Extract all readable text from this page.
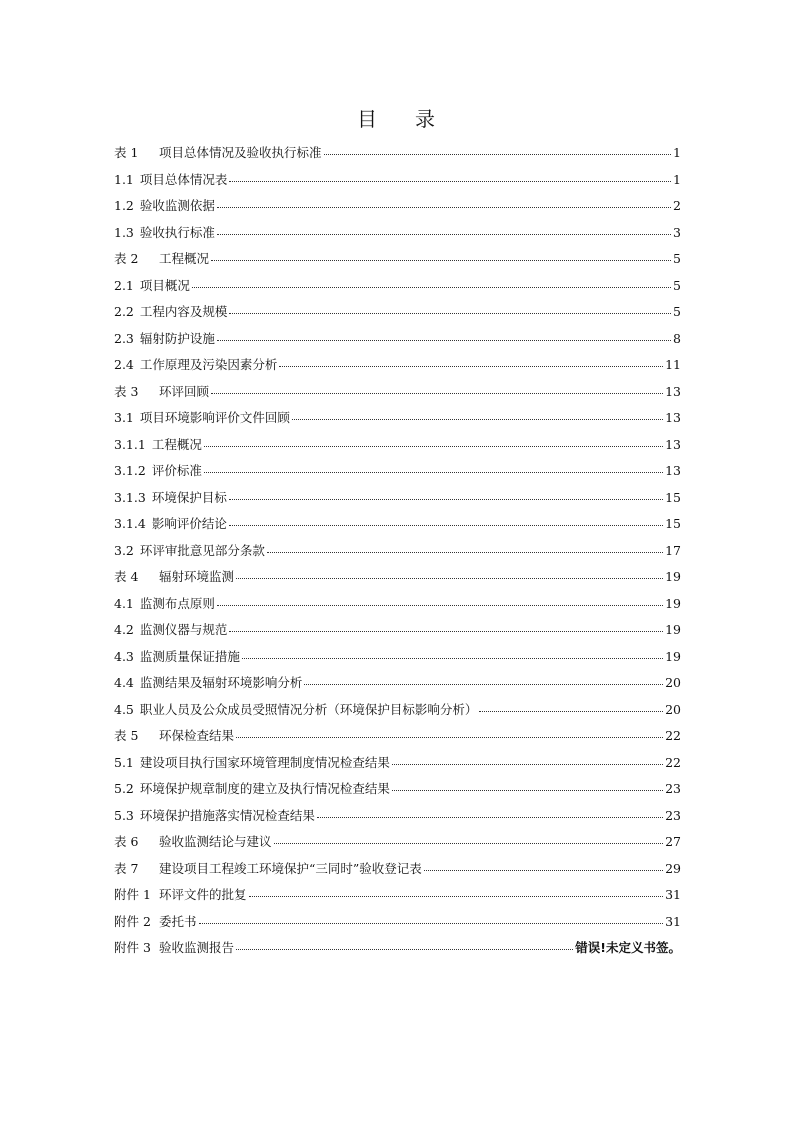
目 录
表 1	项目总体情况及验收执行标准	1
1.1 项目总体情况表	1
1.2 验收监测依据	2
1.3 验收执行标准	3
表 2	工程概况	5
2.1 项目概况	5
2.2 工程内容及规模	5
2.3 辐射防护设施	8
2.4 工作原理及污染因素分析	11
表 3	环评回顾	13
3.1 项目环境影响评价文件回顾	13
3.1.1 工程概况	13
3.1.2 评价标准	13
3.1.3 环境保护目标	15
3.1.4 影响评价结论	15
3.2 环评审批意见部分条款	17
表 4	辐射环境监测	19
4.1 监测布点原则	19
4.2 监测仪器与规范	19
4.3 监测质量保证措施	19
4.4 监测结果及辐射环境影响分析	20
4.5 职业人员及公众成员受照情况分析（环境保护目标影响分析）	20
表 5	环保检查结果	22
5.1 建设项目执行国家环境管理制度情况检查结果	22
5.2 环境保护规章制度的建立及执行情况检查结果	23
5.3 环境保护措施落实情况检查结果	23
表 6	验收监测结论与建议	27
表 7	建设项目工程竣工环境保护“三同时”验收登记表	29
附件 1 环评文件的批复	31
附件 2 委托书	31
附件 3 验收监测报告	错误!未定义书签。
